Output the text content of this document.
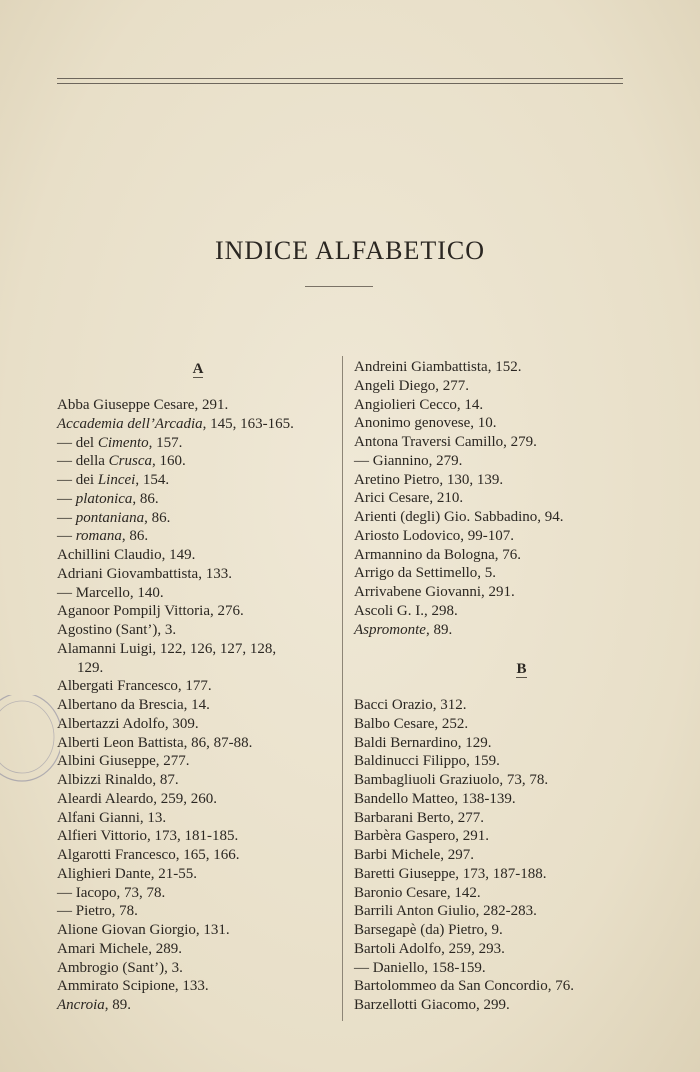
INDICE ALFABETICO
A
Abba Giuseppe Cesare, 291.
Accademia dell’Arcadia, 145, 163-165.
— del Cimento, 157.
— della Crusca, 160.
— dei Lincei, 154.
— platonica, 86.
— pontaniana, 86.
— romana, 86.
Achillini Claudio, 149.
Adriani Giovambattista, 133.
— Marcello, 140.
Aganoor Pompilj Vittoria, 276.
Agostino (Sant’), 3.
Alamanni Luigi, 122, 126, 127, 128,
129.
Albergati Francesco, 177.
Albertano da Brescia, 14.
Albertazzi Adolfo, 309.
Alberti Leon Battista, 86, 87-88.
Albini Giuseppe, 277.
Albizzi Rinaldo, 87.
Aleardi Aleardo, 259, 260.
Alfani Gianni, 13.
Alfieri Vittorio, 173, 181-185.
Algarotti Francesco, 165, 166.
Alighieri Dante, 21-55.
— Iacopo, 73, 78.
— Pietro, 78.
Alione Giovan Giorgio, 131.
Amari Michele, 289.
Ambrogio (Sant’), 3.
Ammirato Scipione, 133.
Ancroia, 89.
Andreini Giambattista, 152.
Angeli Diego, 277.
Angiolieri Cecco, 14.
Anonimo genovese, 10.
Antona Traversi Camillo, 279.
— Giannino, 279.
Aretino Pietro, 130, 139.
Arici Cesare, 210.
Arienti (degli) Gio. Sabbadino, 94.
Ariosto Lodovico, 99-107.
Armannino da Bologna, 76.
Arrigo da Settimello, 5.
Arrivabene Giovanni, 291.
Ascoli G. I., 298.
Aspromonte, 89.
B
Bacci Orazio, 312.
Balbo Cesare, 252.
Baldi Bernardino, 129.
Baldinucci Filippo, 159.
Bambagliuoli Graziuolo, 73, 78.
Bandello Matteo, 138-139.
Barbarani Berto, 277.
Barbèra Gaspero, 291.
Barbi Michele, 297.
Baretti Giuseppe, 173, 187-188.
Baronio Cesare, 142.
Barrili Anton Giulio, 282-283.
Barsegapè (da) Pietro, 9.
Bartoli Adolfo, 259, 293.
— Daniello, 158-159.
Bartolommeo da San Concordio, 76.
Barzellotti Giacomo, 299.
